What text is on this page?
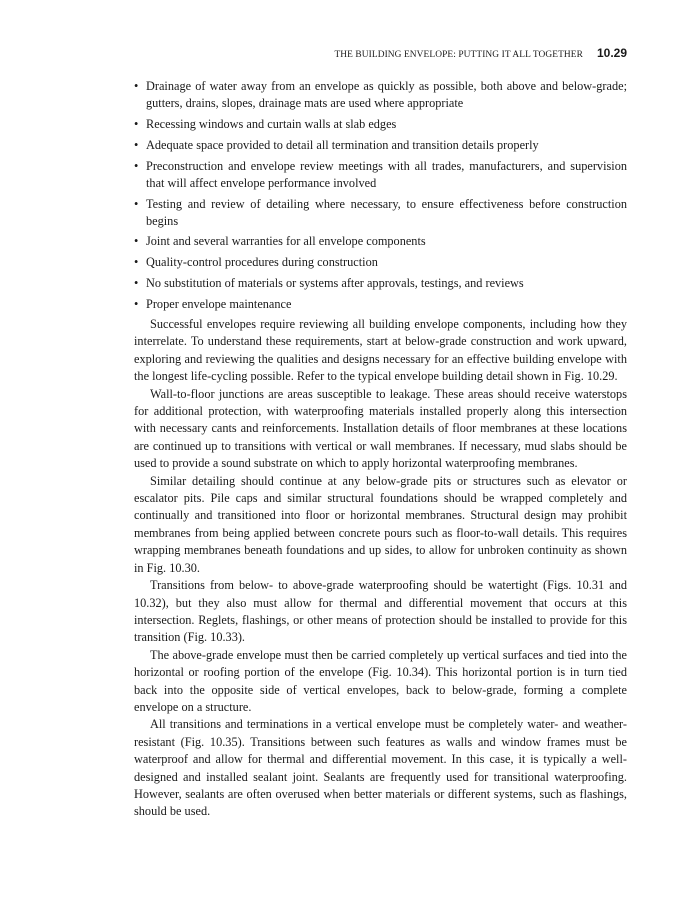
THE BUILDING ENVELOPE: PUTTING IT ALL TOGETHER 10.29
• Drainage of water away from an envelope as quickly as possible, both above and below-grade; gutters, drains, slopes, drainage mats are used where appropriate
• Recessing windows and curtain walls at slab edges
• Adequate space provided to detail all termination and transition details properly
• Preconstruction and envelope review meetings with all trades, manufacturers, and supervision that will affect envelope performance involved
• Testing and review of detailing where necessary, to ensure effectiveness before construction begins
• Joint and several warranties for all envelope components
• Quality-control procedures during construction
• No substitution of materials or systems after approvals, testings, and reviews
• Proper envelope maintenance

Successful envelopes require reviewing all building envelope components, including how they interrelate. To understand these requirements, start at below-grade construction and work upward, exploring and reviewing the qualities and designs necessary for an effective building envelope with the longest life-cycling possible. Refer to the typical envelope building detail shown in Fig. 10.29.

Wall-to-floor junctions are areas susceptible to leakage. These areas should receive waterstops for additional protection, with waterproofing materials installed properly along this intersection with necessary cants and reinforcements. Installation details of floor membranes at these locations are continued up to transitions with vertical or wall membranes. If necessary, mud slabs should be used to provide a sound substrate on which to apply horizontal waterproofing membranes.

Similar detailing should continue at any below-grade pits or structures such as elevator or escalator pits. Pile caps and similar structural foundations should be wrapped completely and continually and transitioned into floor or horizontal membranes. Structural design may prohibit membranes from being applied between concrete pours such as floor-to-wall details. This requires wrapping membranes beneath foundations and up sides, to allow for unbroken continuity as shown in Fig. 10.30.

Transitions from below- to above-grade waterproofing should be watertight (Figs. 10.31 and 10.32), but they also must allow for thermal and differential movement that occurs at this intersection. Reglets, flashings, or other means of protection should be installed to provide for this transition (Fig. 10.33).

The above-grade envelope must then be carried completely up vertical surfaces and tied into the horizontal or roofing portion of the envelope (Fig. 10.34). This horizontal portion is in turn tied back into the opposite side of vertical envelopes, back to below-grade, forming a complete envelope on a structure.

All transitions and terminations in a vertical envelope must be completely water- and weather-resistant (Fig. 10.35). Transitions between such features as walls and window frames must be waterproof and allow for thermal and differential movement. In this case, it is typically a well-designed and installed sealant joint. Sealants are frequently used for transitional waterproofing. However, sealants are often overused when better materials or different systems, such as flashings, should be used.
